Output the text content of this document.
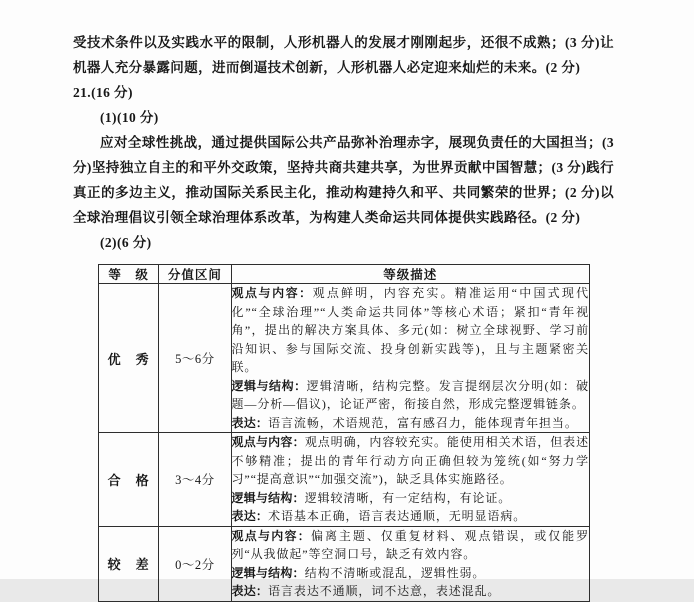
受技术条件以及实践水平的限制，人形机器人的发展才刚刚起步，还很不成熟；(3 分)让机器人充分暴露问题，进而倒逼技术创新，人形机器人必定迎来灿烂的未来。(2 分)

21.(16 分)

(1)(10 分)

应对全球性挑战，通过提供国际公共产品弥补治理赤字，展现负责任的大国担当；(3 分)坚持独立自主的和平外交政策，坚持共商共建共享，为世界贡献中国智慧；(3 分)践行真正的多边主义，推动国际关系民主化，推动构建持久和平、共同繁荣的世界；(2 分)以全球治理倡议引领全球治理体系改革，为构建人类命运共同体提供实践路径。(2 分)

(2)(6 分)

等　级	分值区间	等级描述
优　秀	5～6分	观点与内容：观点鲜明，内容充实。精准运用“中国式现代化”“全球治理”“人类命运共同体”等核心术语；紧扣“青年视角”，提出的解决方案具体、多元(如：树立全球视野、学习前沿知识、参与国际交流、投身创新实践等)，且与主题紧密关联。
逻辑与结构：逻辑清晰，结构完整。发言提纲层次分明(如：破题—分析—倡议)，论证严密，衔接自然，形成完整逻辑链条。
表达：语言流畅，术语规范，富有感召力，能体现青年担当。

合　格	3～4分	观点与内容：观点明确，内容较充实。能使用相关术语，但表述不够精准；提出的青年行动方向正确但较为笼统(如“努力学习”“提高意识”“加强交流”)，缺乏具体实施路径。
逻辑与结构：逻辑较清晰，有一定结构，有论证。
表达：术语基本正确，语言表达通顺，无明显语病。

较　差	0～2分	观点与内容：偏离主题、仅重复材料、观点错误，或仅能罗列“从我做起”等空洞口号，缺乏有效内容。
逻辑与结构：结构不清晰或混乱，逻辑性弱。
表达：语言表达不通顺，词不达意，表述混乱。
